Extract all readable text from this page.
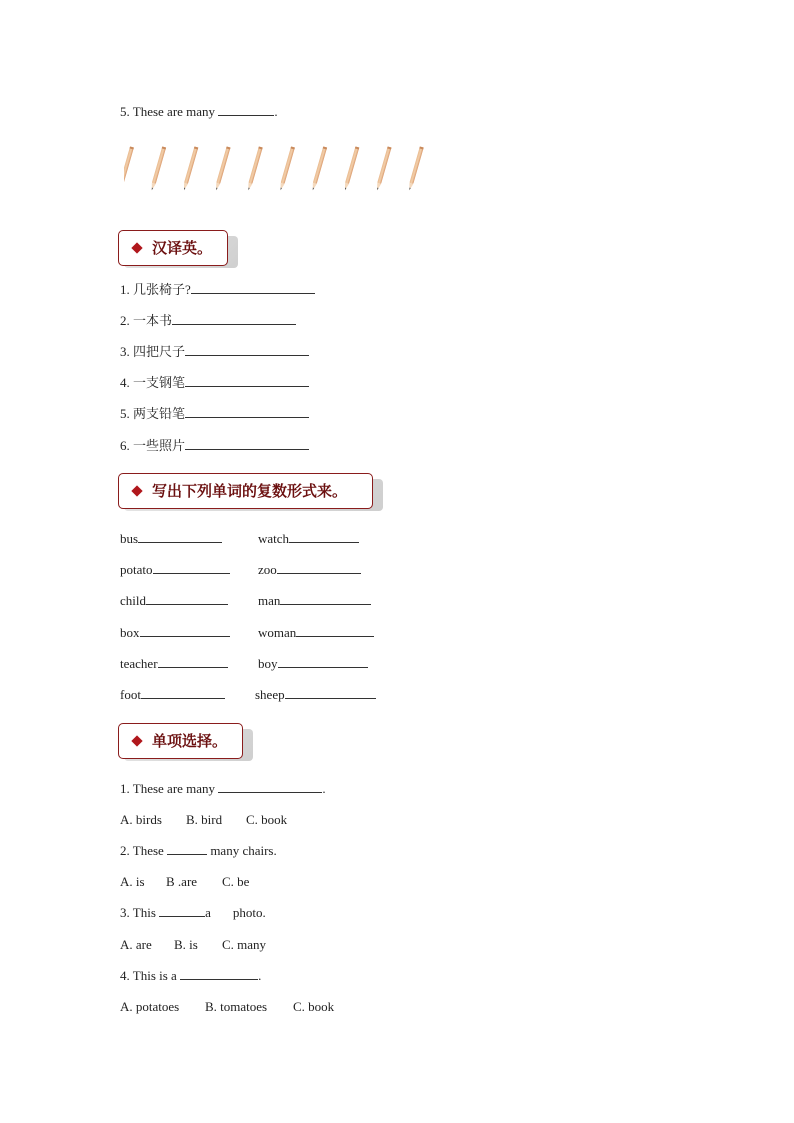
5. These are many	.
汉译英。
1. 几张椅子?
2. 一本书
3. 四把尺子
4. 一支钢笔
5. 两支铅笔
6. 一些照片
写出下列单词的复数形式来。
bus	watch
potato	zoo
child	man
box	woman
teacher	boy
foot	sheep
单项选择。
1. These are many	.
A. birds B. bird C. book
2. These	many chairs.
A. is B .are C. be
3. This	a photo.
A. are B. is C. many
4. This is a	.
A. potatoes B. tomatoes C. book
